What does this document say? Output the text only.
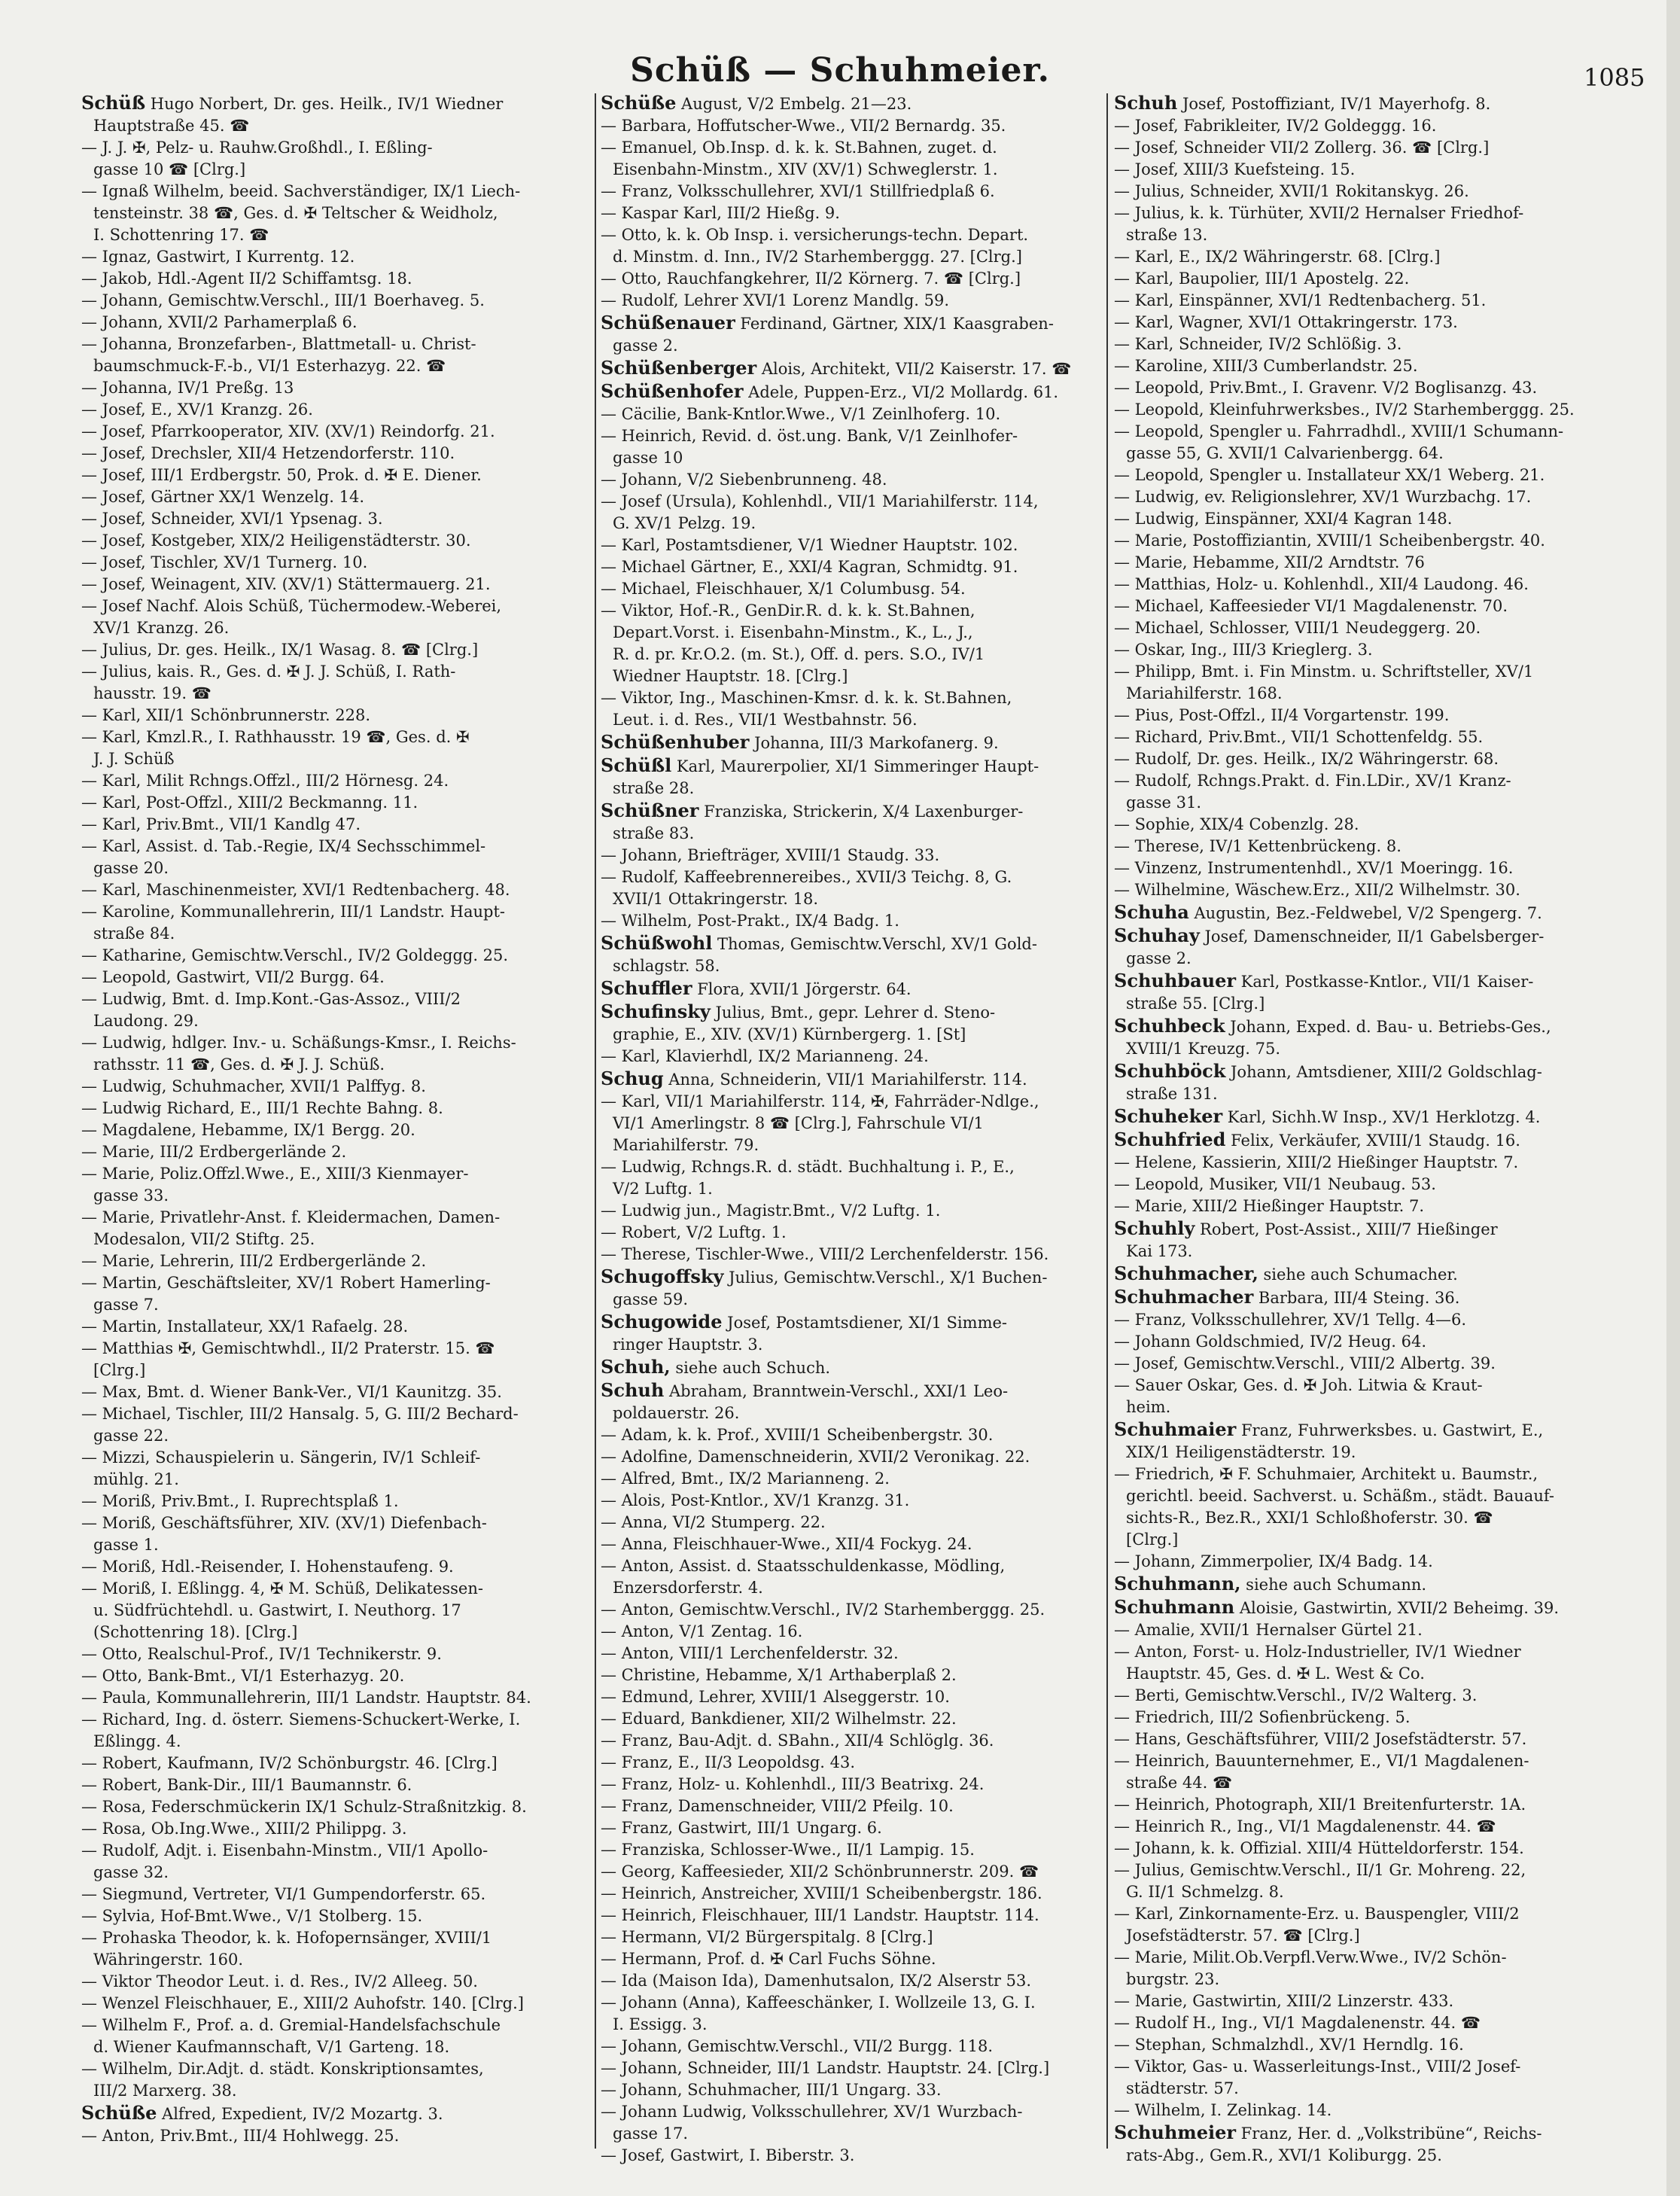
Schüß — Schuhmeier.	1085
Schüß Hugo Norbert, Dr. ges. Heilk., IV/1 Wiedner
Hauptstraße 45. ☎
— J. J. ✠, Pelz- u. Rauhw.Großhdl., I. Eßling-
gasse 10 ☎ [Clrg.]
— Ignaß Wilhelm, beeid. Sachverständiger, IX/1 Liech-
tensteinstr. 38 ☎, Ges. d. ✠ Teltscher & Weidholz,
I. Schottenring 17. ☎
— Ignaz, Gastwirt, I Kurrentg. 12.
— Jakob, Hdl.-Agent II/2 Schiffamtsg. 18.
— Johann, Gemischtw.Verschl., III/1 Boerhaveg. 5.
— Johann, XVII/2 Parhamerplaß 6.
— Johanna, Bronzefarben-, Blattmetall- u. Christ-
baumschmuck-F.-b., VI/1 Esterhazyg. 22. ☎
— Johanna, IV/1 Preßg. 13
— Josef, E., XV/1 Kranzg. 26.
— Josef, Pfarrkooperator, XIV. (XV/1) Reindorfg. 21.
— Josef, Drechsler, XII/4 Hetzendorferstr. 110.
— Josef, III/1 Erdbergstr. 50, Prok. d. ✠ E. Diener.
— Josef, Gärtner XX/1 Wenzelg. 14.
— Josef, Schneider, XVI/1 Ypsenag. 3.
— Josef, Kostgeber, XIX/2 Heiligenstädterstr. 30.
— Josef, Tischler, XV/1 Turnerg. 10.
— Josef, Weinagent, XIV. (XV/1) Stättermauerg. 21.
— Josef Nachf. Alois Schüß, Tüchermodew.-Weberei,
XV/1 Kranzg. 26.
— Julius, Dr. ges. Heilk., IX/1 Wasag. 8. ☎ [Clrg.]
— Julius, kais. R., Ges. d. ✠ J. J. Schüß, I. Rath-
hausstr. 19. ☎
— Karl, XII/1 Schönbrunnerstr. 228.
— Karl, Kmzl.R., I. Rathhausstr. 19 ☎, Ges. d. ✠
J. J. Schüß
— Karl, Milit Rchngs.Offzl., III/2 Hörnesg. 24.
— Karl, Post-Offzl., XIII/2 Beckmanng. 11.
— Karl, Priv.Bmt., VII/1 Kandlg 47.
— Karl, Assist. d. Tab.-Regie, IX/4 Sechsschimmel-
gasse 20.
— Karl, Maschinenmeister, XVI/1 Redtenbacherg. 48.
— Karoline, Kommunallehrerin, III/1 Landstr. Haupt-
straße 84.
— Katharine, Gemischtw.Verschl., IV/2 Goldeggg. 25.
— Leopold, Gastwirt, VII/2 Burgg. 64.
— Ludwig, Bmt. d. Imp.Kont.-Gas-Assoz., VIII/2
Laudong. 29.
— Ludwig, hdlger. Inv.- u. Schäßungs-Kmsr., I. Reichs-
rathsstr. 11 ☎, Ges. d. ✠ J. J. Schüß.
— Ludwig, Schuhmacher, XVII/1 Palffyg. 8.
— Ludwig Richard, E., III/1 Rechte Bahng. 8.
— Magdalene, Hebamme, IX/1 Bergg. 20.
— Marie, III/2 Erdbergerlände 2.
— Marie, Poliz.Offzl.Wwe., E., XIII/3 Kienmayer-
gasse 33.
— Marie, Privatlehr-Anst. f. Kleidermachen, Damen-
Modesalon, VII/2 Stiftg. 25.
— Marie, Lehrerin, III/2 Erdbergerlände 2.
— Martin, Geschäftsleiter, XV/1 Robert Hamerling-
gasse 7.
— Martin, Installateur, XX/1 Rafaelg. 28.
— Matthias ✠, Gemischtwhdl., II/2 Praterstr. 15. ☎
[Clrg.]
— Max, Bmt. d. Wiener Bank-Ver., VI/1 Kaunitzg. 35.
— Michael, Tischler, III/2 Hansalg. 5, G. III/2 Bechard-
gasse 22.
— Mizzi, Schauspielerin u. Sängerin, IV/1 Schleif-
mühlg. 21.
— Moriß, Priv.Bmt., I. Ruprechtsplaß 1.
— Moriß, Geschäftsführer, XIV. (XV/1) Diefenbach-
gasse 1.
— Moriß, Hdl.-Reisender, I. Hohenstaufeng. 9.
— Moriß, I. Eßlingg. 4, ✠ M. Schüß, Delikatessen-
u. Südfrüchtehdl. u. Gastwirt, I. Neuthorg. 17
(Schottenring 18). [Clrg.]
— Otto, Realschul-Prof., IV/1 Technikerstr. 9.
— Otto, Bank-Bmt., VI/1 Esterhazyg. 20.
— Paula, Kommunallehrerin, III/1 Landstr. Hauptstr. 84.
— Richard, Ing. d. österr. Siemens-Schuckert-Werke, I.
Eßlingg. 4.
— Robert, Kaufmann, IV/2 Schönburgstr. 46. [Clrg.]
— Robert, Bank-Dir., III/1 Baumannstr. 6.
— Rosa, Federschmückerin IX/1 Schulz-Straßnitzkig. 8.
— Rosa, Ob.Ing.Wwe., XIII/2 Philippg. 3.
— Rudolf, Adjt. i. Eisenbahn-Minstm., VII/1 Apollo-
gasse 32.
— Siegmund, Vertreter, VI/1 Gumpendorferstr. 65.
— Sylvia, Hof-Bmt.Wwe., V/1 Stolberg. 15.
— Prohaska Theodor, k. k. Hofopernsänger, XVIII/1
Währingerstr. 160.
— Viktor Theodor Leut. i. d. Res., IV/2 Alleeg. 50.
— Wenzel Fleischhauer, E., XIII/2 Auhofstr. 140. [Clrg.]
— Wilhelm F., Prof. a. d. Gremial-Handelsfachschule
d. Wiener Kaufmannschaft, V/1 Garteng. 18.
— Wilhelm, Dir.Adjt. d. städt. Konskriptionsamtes,
III/2 Marxerg. 38.
Schüße Alfred, Expedient, IV/2 Mozartg. 3.
— Anton, Priv.Bmt., III/4 Hohlwegg. 25.
Schüße August, V/2 Embelg. 21—23.
— Barbara, Hoffutscher-Wwe., VII/2 Bernardg. 35.
— Emanuel, Ob.Insp. d. k. k. St.Bahnen, zuget. d.
Eisenbahn-Minstm., XIV (XV/1) Schweglerstr. 1.
— Franz, Volksschullehrer, XVI/1 Stillfriedplaß 6.
— Kaspar Karl, III/2 Hießg. 9.
— Otto, k. k. Ob Insp. i. versicherungs-techn. Depart.
d. Minstm. d. Inn., IV/2 Starhemberggg. 27. [Clrg.]
— Otto, Rauchfangkehrer, II/2 Körnerg. 7. ☎ [Clrg.]
— Rudolf, Lehrer XVI/1 Lorenz Mandlg. 59.
Schüßenauer Ferdinand, Gärtner, XIX/1 Kaasgraben-
gasse 2.
Schüßenberger Alois, Architekt, VII/2 Kaiserstr. 17. ☎
Schüßenhofer Adele, Puppen-Erz., VI/2 Mollardg. 61.
— Cäcilie, Bank-Kntlor.Wwe., V/1 Zeinlhoferg. 10.
— Heinrich, Revid. d. öst.ung. Bank, V/1 Zeinlhofer-
gasse 10
— Johann, V/2 Siebenbrunneng. 48.
— Josef (Ursula), Kohlenhdl., VII/1 Mariahilferstr. 114,
G. XV/1 Pelzg. 19.
— Karl, Postamtsdiener, V/1 Wiedner Hauptstr. 102.
— Michael Gärtner, E., XXI/4 Kagran, Schmidtg. 91.
— Michael, Fleischhauer, X/1 Columbusg. 54.
— Viktor, Hof.-R., GenDir.R. d. k. k. St.Bahnen,
Depart.Vorst. i. Eisenbahn-Minstm., K., L., J.,
R. d. pr. Kr.O.2. (m. St.), Off. d. pers. S.O., IV/1
Wiedner Hauptstr. 18. [Clrg.]
— Viktor, Ing., Maschinen-Kmsr. d. k. k. St.Bahnen,
Leut. i. d. Res., VII/1 Westbahnstr. 56.
Schüßenhuber Johanna, III/3 Markofanerg. 9.
Schüßl Karl, Maurerpolier, XI/1 Simmeringer Haupt-
straße 28.
Schüßner Franziska, Strickerin, X/4 Laxenburger-
straße 83.
— Johann, Briefträger, XVIII/1 Staudg. 33.
— Rudolf, Kaffeebrennereibes., XVII/3 Teichg. 8, G.
XVII/1 Ottakringerstr. 18.
— Wilhelm, Post-Prakt., IX/4 Badg. 1.
Schüßwohl Thomas, Gemischtw.Verschl, XV/1 Gold-
schlagstr. 58.
Schuffler Flora, XVII/1 Jörgerstr. 64.
Schufinsky Julius, Bmt., gepr. Lehrer d. Steno-
graphie, E., XIV. (XV/1) Kürnbergerg. 1. [St]
— Karl, Klavierhdl, IX/2 Marianneng. 24.
Schug Anna, Schneiderin, VII/1 Mariahilferstr. 114.
— Karl, VII/1 Mariahilferstr. 114, ✠, Fahrräder-Ndlge.,
VI/1 Amerlingstr. 8 ☎ [Clrg.], Fahrschule VI/1
Mariahilferstr. 79.
— Ludwig, Rchngs.R. d. städt. Buchhaltung i. P., E.,
V/2 Luftg. 1.
— Ludwig jun., Magistr.Bmt., V/2 Luftg. 1.
— Robert, V/2 Luftg. 1.
— Therese, Tischler-Wwe., VIII/2 Lerchenfelderstr. 156.
Schugoffsky Julius, Gemischtw.Verschl., X/1 Buchen-
gasse 59.
Schugowide Josef, Postamtsdiener, XI/1 Simme-
ringer Hauptstr. 3.
Schuh, siehe auch Schuch.
Schuh Abraham, Branntwein-Verschl., XXI/1 Leo-
poldauerstr. 26.
— Adam, k. k. Prof., XVIII/1 Scheibenbergstr. 30.
— Adolfine, Damenschneiderin, XVII/2 Veronikag. 22.
— Alfred, Bmt., IX/2 Marianneng. 2.
— Alois, Post-Kntlor., XV/1 Kranzg. 31.
— Anna, VI/2 Stumperg. 22.
— Anna, Fleischhauer-Wwe., XII/4 Fockyg. 24.
— Anton, Assist. d. Staatsschuldenkasse, Mödling,
Enzersdorferstr. 4.
— Anton, Gemischtw.Verschl., IV/2 Starhemberggg. 25.
— Anton, V/1 Zentag. 16.
— Anton, VIII/1 Lerchenfelderstr. 32.
— Christine, Hebamme, X/1 Arthaberplaß 2.
— Edmund, Lehrer, XVIII/1 Alseggerstr. 10.
— Eduard, Bankdiener, XII/2 Wilhelmstr. 22.
— Franz, Bau-Adjt. d. SBahn., XII/4 Schlöglg. 36.
— Franz, E., II/3 Leopoldsg. 43.
— Franz, Holz- u. Kohlenhdl., III/3 Beatrixg. 24.
— Franz, Damenschneider, VIII/2 Pfeilg. 10.
— Franz, Gastwirt, III/1 Ungarg. 6.
— Franziska, Schlosser-Wwe., II/1 Lampig. 15.
— Georg, Kaffeesieder, XII/2 Schönbrunnerstr. 209. ☎
— Heinrich, Anstreicher, XVIII/1 Scheibenbergstr. 186.
— Heinrich, Fleischhauer, III/1 Landstr. Hauptstr. 114.
— Hermann, VI/2 Bürgerspitalg. 8 [Clrg.]
— Hermann, Prof. d. ✠ Carl Fuchs Söhne.
— Ida (Maison Ida), Damenhutsalon, IX/2 Alserstr 53.
— Johann (Anna), Kaffeeschänker, I. Wollzeile 13, G. I.
I. Essigg. 3.
— Johann, Gemischtw.Verschl., VII/2 Burgg. 118.
— Johann, Schneider, III/1 Landstr. Hauptstr. 24. [Clrg.]
— Johann, Schuhmacher, III/1 Ungarg. 33.
— Johann Ludwig, Volksschullehrer, XV/1 Wurzbach-
gasse 17.
— Josef, Gastwirt, I. Biberstr. 3.
Schuh Josef, Postoffiziant, IV/1 Mayerhofg. 8.
— Josef, Fabrikleiter, IV/2 Goldeggg. 16.
— Josef, Schneider VII/2 Zollerg. 36. ☎ [Clrg.]
— Josef, XIII/3 Kuefsteing. 15.
— Julius, Schneider, XVII/1 Rokitanskyg. 26.
— Julius, k. k. Türhüter, XVII/2 Hernalser Friedhof-
straße 13.
— Karl, E., IX/2 Währingerstr. 68. [Clrg.]
— Karl, Baupolier, III/1 Apostelg. 22.
— Karl, Einspänner, XVI/1 Redtenbacherg. 51.
— Karl, Wagner, XVI/1 Ottakringerstr. 173.
— Karl, Schneider, IV/2 Schlößig. 3.
— Karoline, XIII/3 Cumberlandstr. 25.
— Leopold, Priv.Bmt., I. Gravenr. V/2 Boglisanzg. 43.
— Leopold, Kleinfuhrwerksbes., IV/2 Starhemberggg. 25.
— Leopold, Spengler u. Fahrradhdl., XVIII/1 Schumann-
gasse 55, G. XVII/1 Calvarienbergg. 64.
— Leopold, Spengler u. Installateur XX/1 Weberg. 21.
— Ludwig, ev. Religionslehrer, XV/1 Wurzbachg. 17.
— Ludwig, Einspänner, XXI/4 Kagran 148.
— Marie, Postoffiziantin, XVIII/1 Scheibenbergstr. 40.
— Marie, Hebamme, XII/2 Arndtstr. 76
— Matthias, Holz- u. Kohlenhdl., XII/4 Laudong. 46.
— Michael, Kaffeesieder VI/1 Magdalenenstr. 70.
— Michael, Schlosser, VIII/1 Neudeggerg. 20.
— Oskar, Ing., III/3 Krieglerg. 3.
— Philipp, Bmt. i. Fin Minstm. u. Schriftsteller, XV/1
Mariahilferstr. 168.
— Pius, Post-Offzl., II/4 Vorgartenstr. 199.
— Richard, Priv.Bmt., VII/1 Schottenfeldg. 55.
— Rudolf, Dr. ges. Heilk., IX/2 Währingerstr. 68.
— Rudolf, Rchngs.Prakt. d. Fin.LDir., XV/1 Kranz-
gasse 31.
— Sophie, XIX/4 Cobenzlg. 28.
— Therese, IV/1 Kettenbrückeng. 8.
— Vinzenz, Instrumentenhdl., XV/1 Moeringg. 16.
— Wilhelmine, Wäschew.Erz., XII/2 Wilhelmstr. 30.
Schuha Augustin, Bez.-Feldwebel, V/2 Spengerg. 7.
Schuhay Josef, Damenschneider, II/1 Gabelsberger-
gasse 2.
Schuhbauer Karl, Postkasse-Kntlor., VII/1 Kaiser-
straße 55. [Clrg.]
Schuhbeck Johann, Exped. d. Bau- u. Betriebs-Ges.,
XVIII/1 Kreuzg. 75.
Schuhböck Johann, Amtsdiener, XIII/2 Goldschlag-
straße 131.
Schuheker Karl, Sichh.W Insp., XV/1 Herklotzg. 4.
Schuhfried Felix, Verkäufer, XVIII/1 Staudg. 16.
— Helene, Kassierin, XIII/2 Hießinger Hauptstr. 7.
— Leopold, Musiker, VII/1 Neubaug. 53.
— Marie, XIII/2 Hießinger Hauptstr. 7.
Schuhly Robert, Post-Assist., XIII/7 Hießinger
Kai 173.
Schuhmacher, siehe auch Schumacher.
Schuhmacher Barbara, III/4 Steing. 36.
— Franz, Volksschullehrer, XV/1 Tellg. 4—6.
— Johann Goldschmied, IV/2 Heug. 64.
— Josef, Gemischtw.Verschl., VIII/2 Albertg. 39.
— Sauer Oskar, Ges. d. ✠ Joh. Litwia & Kraut-
heim.
Schuhmaier Franz, Fuhrwerksbes. u. Gastwirt, E.,
XIX/1 Heiligenstädterstr. 19.
— Friedrich, ✠ F. Schuhmaier, Architekt u. Baumstr.,
gerichtl. beeid. Sachverst. u. Schäßm., städt. Bauauf-
sichts-R., Bez.R., XXI/1 Schloßhoferstr. 30. ☎
[Clrg.]
— Johann, Zimmerpolier, IX/4 Badg. 14.
Schuhmann, siehe auch Schumann.
Schuhmann Aloisie, Gastwirtin, XVII/2 Beheimg. 39.
— Amalie, XVII/1 Hernalser Gürtel 21.
— Anton, Forst- u. Holz-Industrieller, IV/1 Wiedner
Hauptstr. 45, Ges. d. ✠ L. West & Co.
— Berti, Gemischtw.Verschl., IV/2 Walterg. 3.
— Friedrich, III/2 Sofienbrückeng. 5.
— Hans, Geschäftsführer, VIII/2 Josefstädterstr. 57.
— Heinrich, Bauunternehmer, E., VI/1 Magdalenen-
straße 44. ☎
— Heinrich, Photograph, XII/1 Breitenfurterstr. 1A.
— Heinrich R., Ing., VI/1 Magdalenenstr. 44. ☎
— Johann, k. k. Offizial. XIII/4 Hütteldorferstr. 154.
— Julius, Gemischtw.Verschl., II/1 Gr. Mohreng. 22,
G. II/1 Schmelzg. 8.
— Karl, Zinkornamente-Erz. u. Bauspengler, VIII/2
Josefstädterstr. 57. ☎ [Clrg.]
— Marie, Milit.Ob.Verpfl.Verw.Wwe., IV/2 Schön-
burgstr. 23.
— Marie, Gastwirtin, XIII/2 Linzerstr. 433.
— Rudolf H., Ing., VI/1 Magdalenenstr. 44. ☎
— Stephan, Schmalzhdl., XV/1 Herndlg. 16.
— Viktor, Gas- u. Wasserleitungs-Inst., VIII/2 Josef-
städterstr. 57.
— Wilhelm, I. Zelinkag. 14.
Schuhmeier Franz, Her. d. „Volkstribüne“, Reichs-
rats-Abg., Gem.R., XVI/1 Koliburgg. 25.
